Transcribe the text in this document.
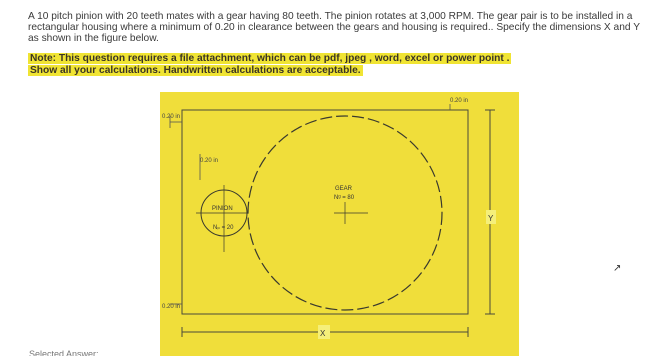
A 10 pitch pinion with 20 teeth mates with a gear having 80 teeth. The pinion rotates at 3,000 RPM. The gear pair is to be installed in a
rectangular housing where a minimum of 0.20 in clearance between the gears and housing is required.. Specify the dimensions X and Y
as shown in the figure below.
Note: This question requires a file attachment, which can be pdf, jpeg , word, excel or power point .
Show all your calculations. Handwritten calculations are acceptable.
0.20 in
0.20 in
PINION
Nₚ = 20
GEAR
Nᵍ = 80
0.20 in
Y
0.20 in
X
Selected Answer: ...
↗
